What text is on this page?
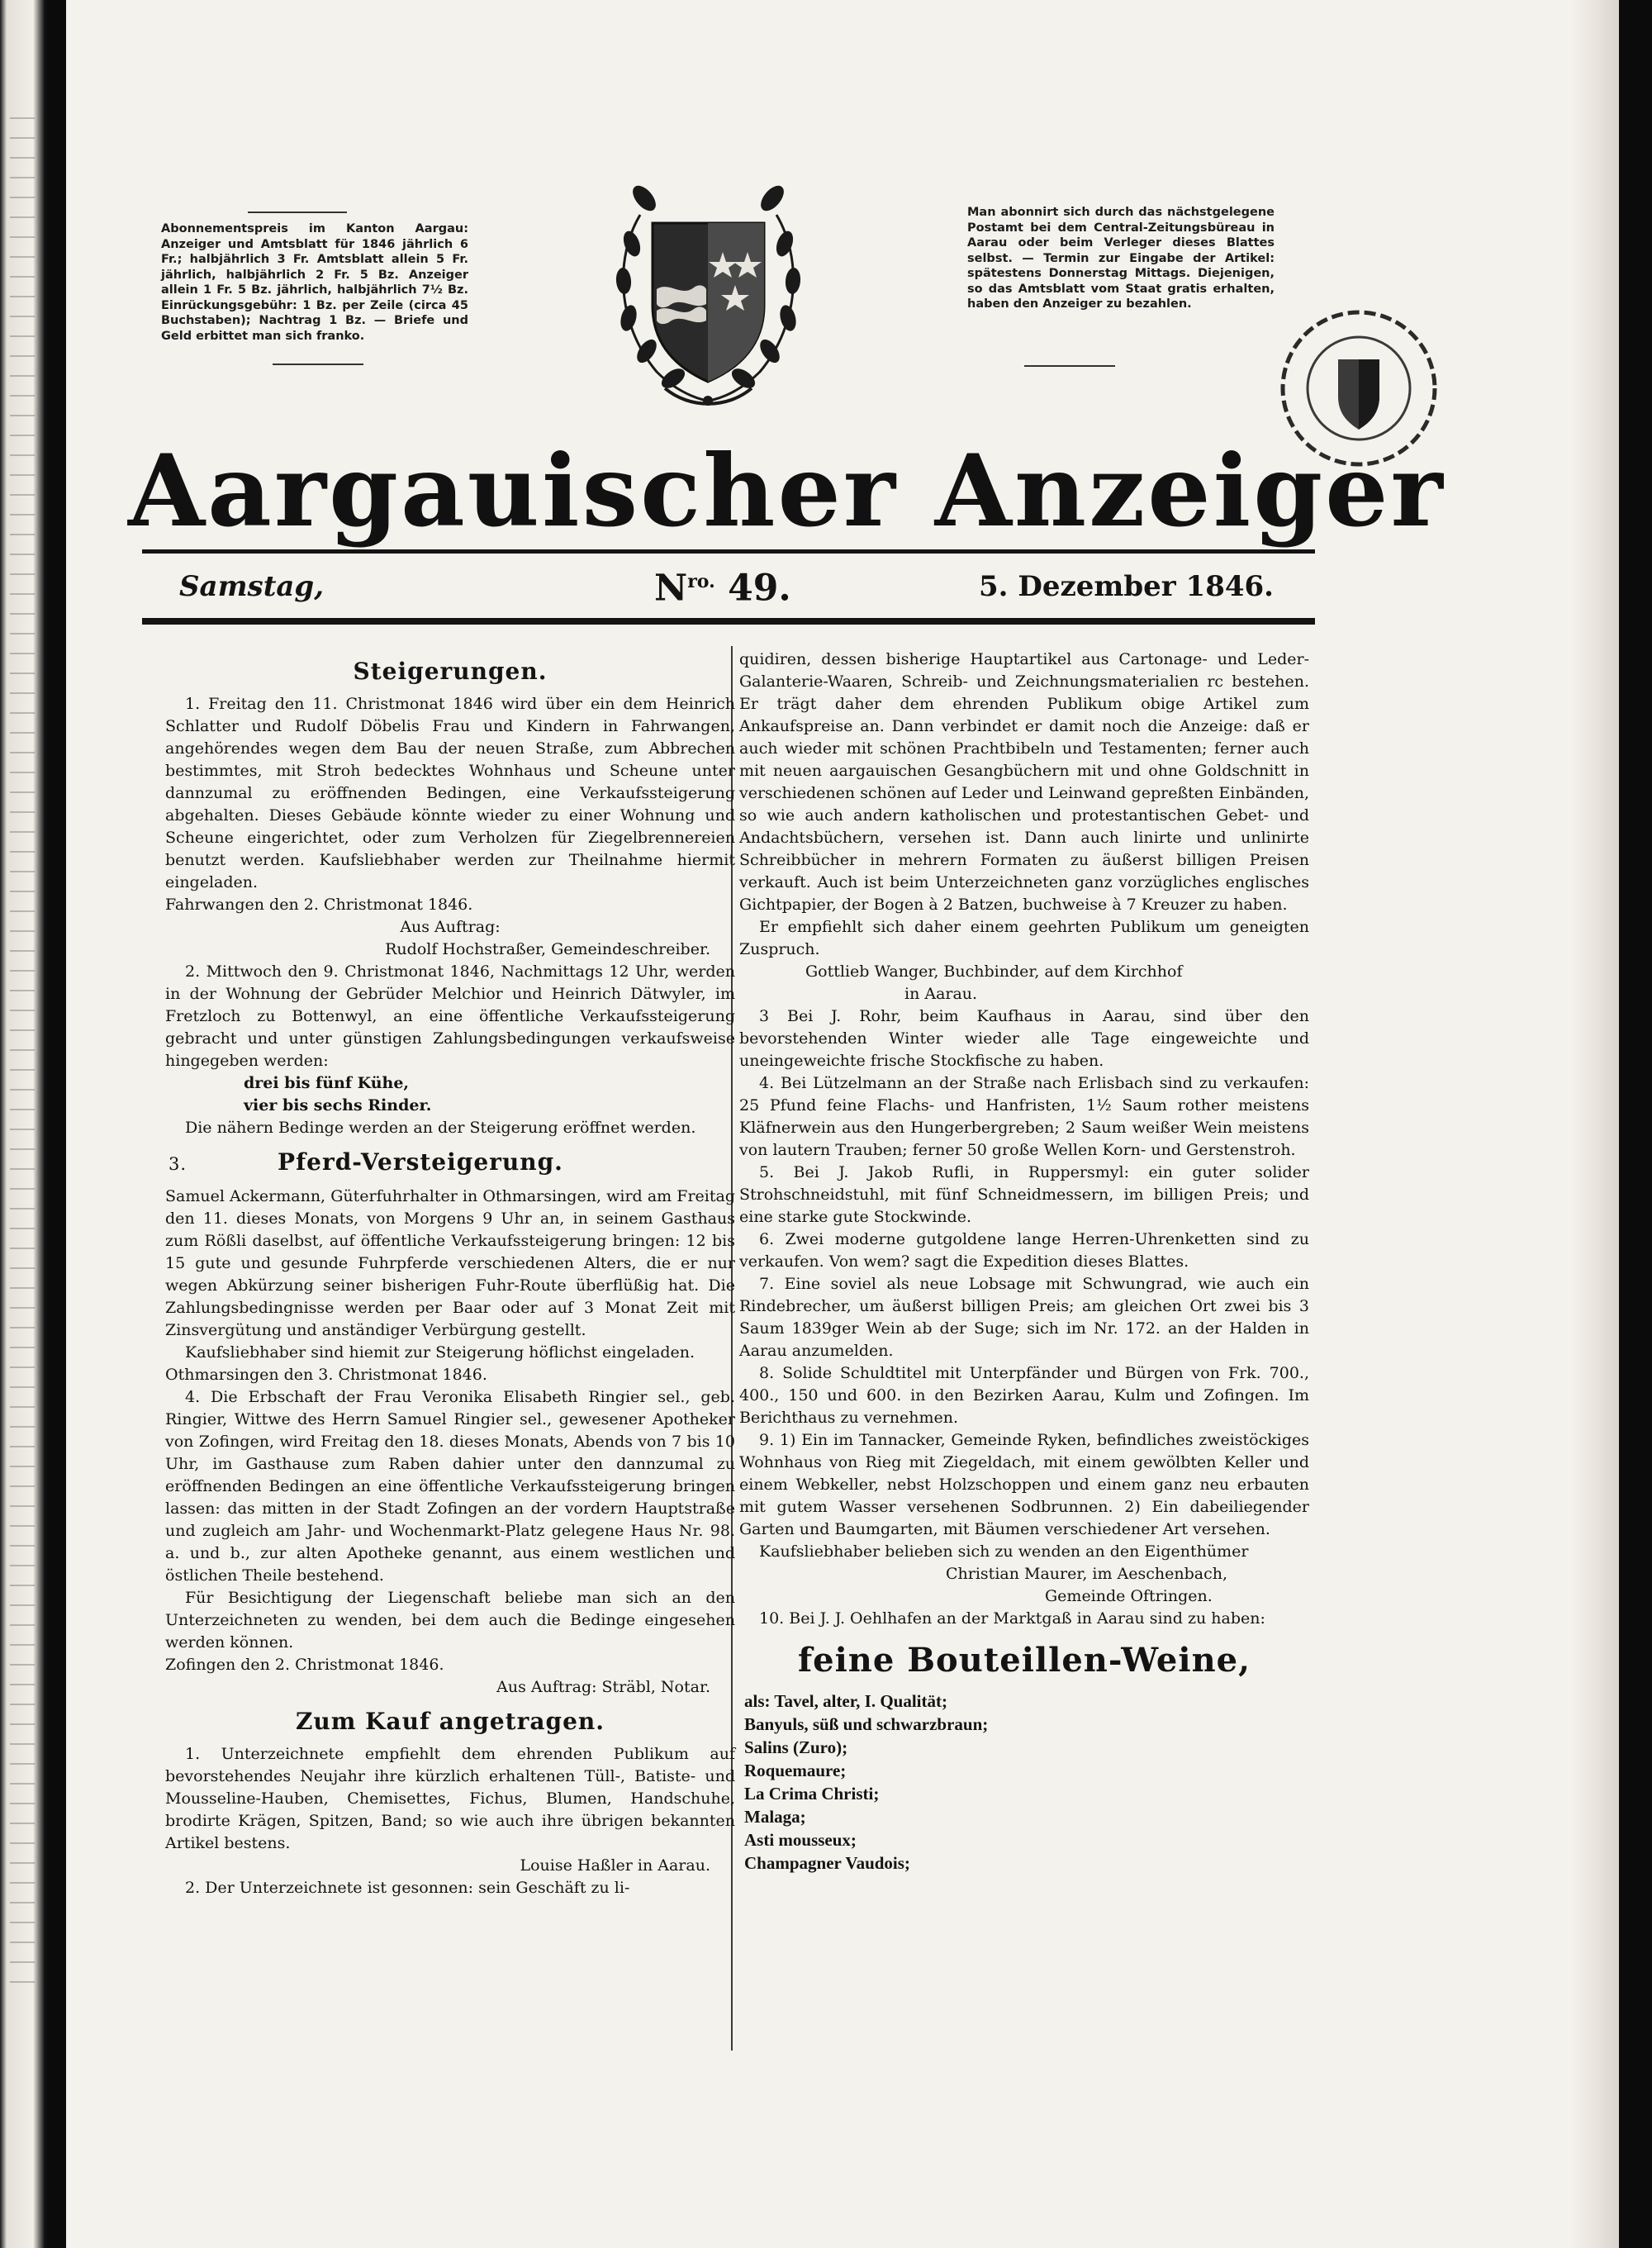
Abonnementspreis im Kanton Aargau: Anzeiger und Amtsblatt für 1846 jährlich 6 Fr.; halbjährlich 3 Fr. Amtsblatt allein 5 Fr. jährlich, halbjährlich 2 Fr. 5 Bz. Anzeiger allein 1 Fr. 5 Bz. jährlich, halbjährlich 7½ Bz. Einrückungsgebühr: 1 Bz. per Zeile (circa 45 Buchstaben); Nachtrag 1 Bz. — Briefe und Geld erbittet man sich franko.
Man abonnirt sich durch das nächstgelegene Postamt bei dem Central-Zeitungsbüreau in Aarau oder beim Verleger dieses Blattes selbst. — Termin zur Eingabe der Artikel: spätestens Donnerstag Mittags. Diejenigen, so das Amtsblatt vom Staat gratis erhalten, haben den Anzeiger zu bezahlen.
Aargauischer Anzeiger
Samstag,	$N^{ro.}$ 49.	5. Dezember 1846.

Steigerungen.

1. Freitag den 11. Christmonat 1846 wird über ein dem Heinrich Schlatter und Rudolf Döbelis Frau und Kindern in Fahrwangen, angehörendes wegen dem Bau der neuen Straße, zum Abbrechen bestimmtes, mit Stroh bedecktes Wohnhaus und Scheune unter dannzumal zu eröffnenden Bedingen, eine Verkaufssteigerung abgehalten. Dieses Gebäude könnte wieder zu einer Wohnung und Scheune eingerichtet, oder zum Verholzen für Ziegelbrennereien benutzt werden. Kaufsliebhaber werden zur Theilnahme hiermit eingeladen.

Fahrwangen den 2. Christmonat 1846.

Aus Auftrag:

Rudolf Hochstraßer, Gemeindeschreiber.

2. Mittwoch den 9. Christmonat 1846, Nachmittags 12 Uhr, werden in der Wohnung der Gebrüder Melchior und Heinrich Dätwyler, im Fretzloch zu Bottenwyl, an eine öffentliche Verkaufssteigerung gebracht und unter günstigen Zahlungsbedingungen verkaufsweise hingegeben werden:

drei bis fünf Kühe,

vier bis sechs Rinder.

Die nähern Bedinge werden an der Steigerung eröffnet werden.

3.	Pferd-Versteigerung.

Samuel Ackermann, Güterfuhrhalter in Othmarsingen, wird am Freitag den 11. dieses Monats, von Morgens 9 Uhr an, in seinem Gasthaus zum Rößli daselbst, auf öffentliche Verkaufssteigerung bringen: 12 bis 15 gute und gesunde Fuhrpferde verschiedenen Alters, die er nur wegen Abkürzung seiner bisherigen Fuhr-Route überflüßig hat. Die Zahlungsbedingnisse werden per Baar oder auf 3 Monat Zeit mit Zinsvergütung und anständiger Verbürgung gestellt.

Kaufsliebhaber sind hiemit zur Steigerung höflichst eingeladen.

Othmarsingen den 3. Christmonat 1846.

4. Die Erbschaft der Frau Veronika Elisabeth Ringier sel., geb. Ringier, Wittwe des Herrn Samuel Ringier sel., gewesener Apotheker von Zofingen, wird Freitag den 18. dieses Monats, Abends von 7 bis 10 Uhr, im Gasthause zum Raben dahier unter den dannzumal zu eröffnenden Bedingen an eine öffentliche Verkaufssteigerung bringen lassen: das mitten in der Stadt Zofingen an der vordern Hauptstraße und zugleich am Jahr- und Wochenmarkt-Platz gelegene Haus Nr. 98. a. und b., zur alten Apotheke genannt, aus einem westlichen und östlichen Theile bestehend.

Für Besichtigung der Liegenschaft beliebe man sich an den Unterzeichneten zu wenden, bei dem auch die Bedinge eingesehen werden können.

Zofingen den 2. Christmonat 1846.

Aus Auftrag: Sträbl, Notar.

Zum Kauf angetragen.

1. Unterzeichnete empfiehlt dem ehrenden Publikum auf bevorstehendes Neujahr ihre kürzlich erhaltenen Tüll-, Batiste- und Mousseline-Hauben, Chemisettes, Fichus, Blumen, Handschuhe, brodirte Krägen, Spitzen, Band; so wie auch ihre übrigen bekannten Artikel bestens.

Louise Haßler in Aarau.

2. Der Unterzeichnete ist gesonnen: sein Geschäft zu li-

quidiren, dessen bisherige Hauptartikel aus Cartonage- und Leder-Galanterie-Waaren, Schreib- und Zeichnungsmaterialien rc bestehen. Er trägt daher dem ehrenden Publikum obige Artikel zum Ankaufspreise an. Dann verbindet er damit noch die Anzeige: daß er auch wieder mit schönen Prachtbibeln und Testamenten; ferner auch mit neuen aargauischen Gesangbüchern mit und ohne Goldschnitt in verschiedenen schönen auf Leder und Leinwand gepreßten Einbänden, so wie auch andern katholischen und protestantischen Gebet- und Andachtsbüchern, versehen ist. Dann auch linirte und unlinirte Schreibbücher in mehrern Formaten zu äußerst billigen Preisen verkauft. Auch ist beim Unterzeichneten ganz vorzügliches englisches Gichtpapier, der Bogen à 2 Batzen, buchweise à 7 Kreuzer zu haben.

Er empfiehlt sich daher einem geehrten Publikum um geneigten Zuspruch.

Gottlieb Wanger, Buchbinder, auf dem Kirchhof

in Aarau.

3 Bei J. Rohr, beim Kaufhaus in Aarau, sind über den bevorstehenden Winter wieder alle Tage eingeweichte und uneingeweichte frische Stockfische zu haben.

4. Bei Lützelmann an der Straße nach Erlisbach sind zu verkaufen: 25 Pfund feine Flachs- und Hanfristen, 1½ Saum rother meistens Kläfnerwein aus den Hungerbergreben; 2 Saum weißer Wein meistens von lautern Trauben; ferner 50 große Wellen Korn- und Gerstenstroh.

5. Bei J. Jakob Rufli, in Ruppersmyl: ein guter solider Strohschneidstuhl, mit fünf Schneidmessern, im billigen Preis; und eine starke gute Stockwinde.

6. Zwei moderne gutgoldene lange Herren-Uhrenketten sind zu verkaufen. Von wem? sagt die Expedition dieses Blattes.

7. Eine soviel als neue Lobsage mit Schwungrad, wie auch ein Rindebrecher, um äußerst billigen Preis; am gleichen Ort zwei bis 3 Saum 1839ger Wein ab der Suge; sich im Nr. 172. an der Halden in Aarau anzumelden.

8. Solide Schuldtitel mit Unterpfänder und Bürgen von Frk. 700., 400., 150 und 600. in den Bezirken Aarau, Kulm und Zofingen. Im Berichthaus zu vernehmen.

9. 1) Ein im Tannacker, Gemeinde Ryken, befindliches zweistöckiges Wohnhaus von Rieg mit Ziegeldach, mit einem gewölbten Keller und einem Webkeller, nebst Holzschoppen und einem ganz neu erbauten mit gutem Wasser versehenen Sodbrunnen. 2) Ein dabeiliegender Garten und Baumgarten, mit Bäumen verschiedener Art versehen.

Kaufsliebhaber belieben sich zu wenden an den Eigenthümer

Christian Maurer, im Aeschenbach,

Gemeinde Oftringen.

10. Bei J. J. Oehlhafen an der Marktgaß in Aarau sind zu haben:

feine Bouteillen-Weine,

als: Tavel, alter, I. Qualität;

Banyuls, süß und schwarzbraun;

Salins (Zuro);

Roquemaure;

La Crima Christi;

Malaga;

Asti mousseux;

Champagner Vaudois;
